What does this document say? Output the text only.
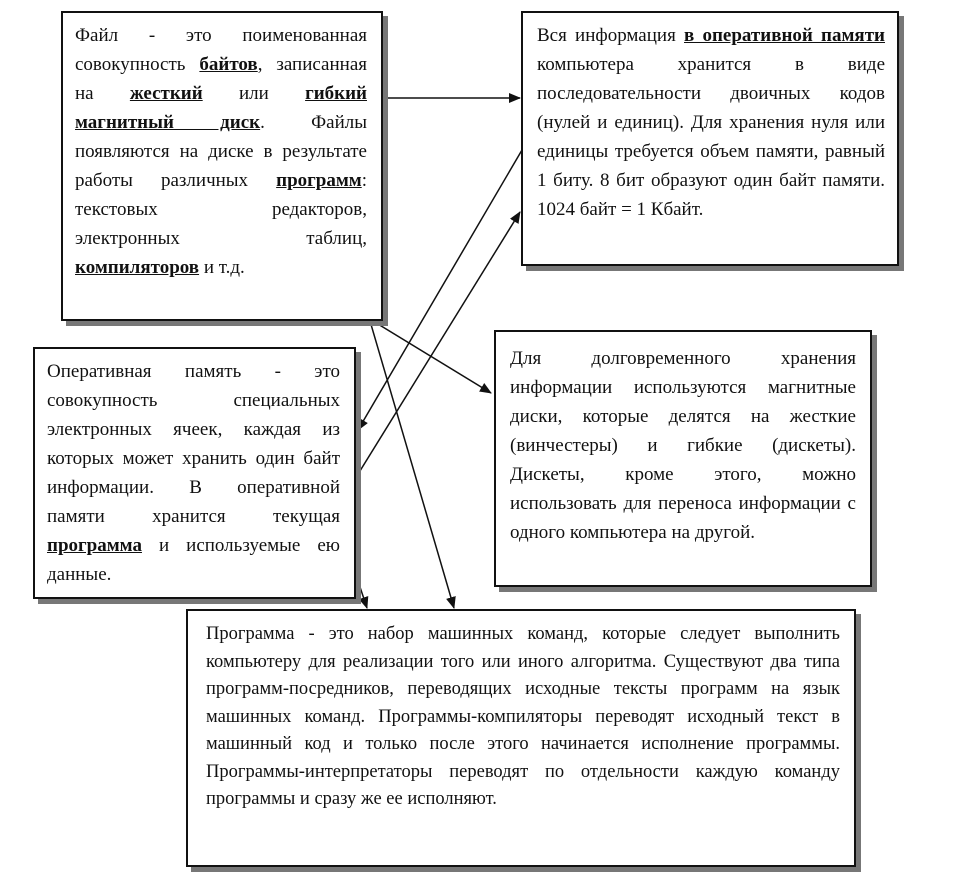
Файл - это поименованная совокупность байтов, записанная на жесткий или гибкий магнитный диск. Файлы появляются на диске в результате работы различных программ: текстовых редакторов, электронных таблиц, компиляторов и т.д.

Вся информация в оперативной памяти компьютера хранится в виде последовательности двоичных кодов (нулей и единиц). Для хранения нуля или единицы требуется объем памяти, равный 1 биту. 8 бит образуют один байт памяти. 1024 байт = 1 Кбайт.

Оперативная память - это совокупность специальных электронных ячеек, каждая из которых может хранить один байт информации. В оперативной памяти хранится текущая программа и используемые ею данные.

Для долговременного хранения информации используются магнитные диски, которые делятся на жесткие (винчестеры) и гибкие (дискеты). Дискеты, кроме этого, можно использовать для переноса информации с одного компьютера на другой.

Программа - это набор машинных команд, которые следует выполнить компьютеру для реализации того или иного алгоритма. Существуют два типа программ-посредников, переводящих исходные тексты программ на язык машинных команд. Программы-компиляторы переводят исходный текст в машинный код и только после этого начинается исполнение программы. Программы-интерпретаторы переводят по отдельности каждую команду программы и сразу же ее исполняют.
